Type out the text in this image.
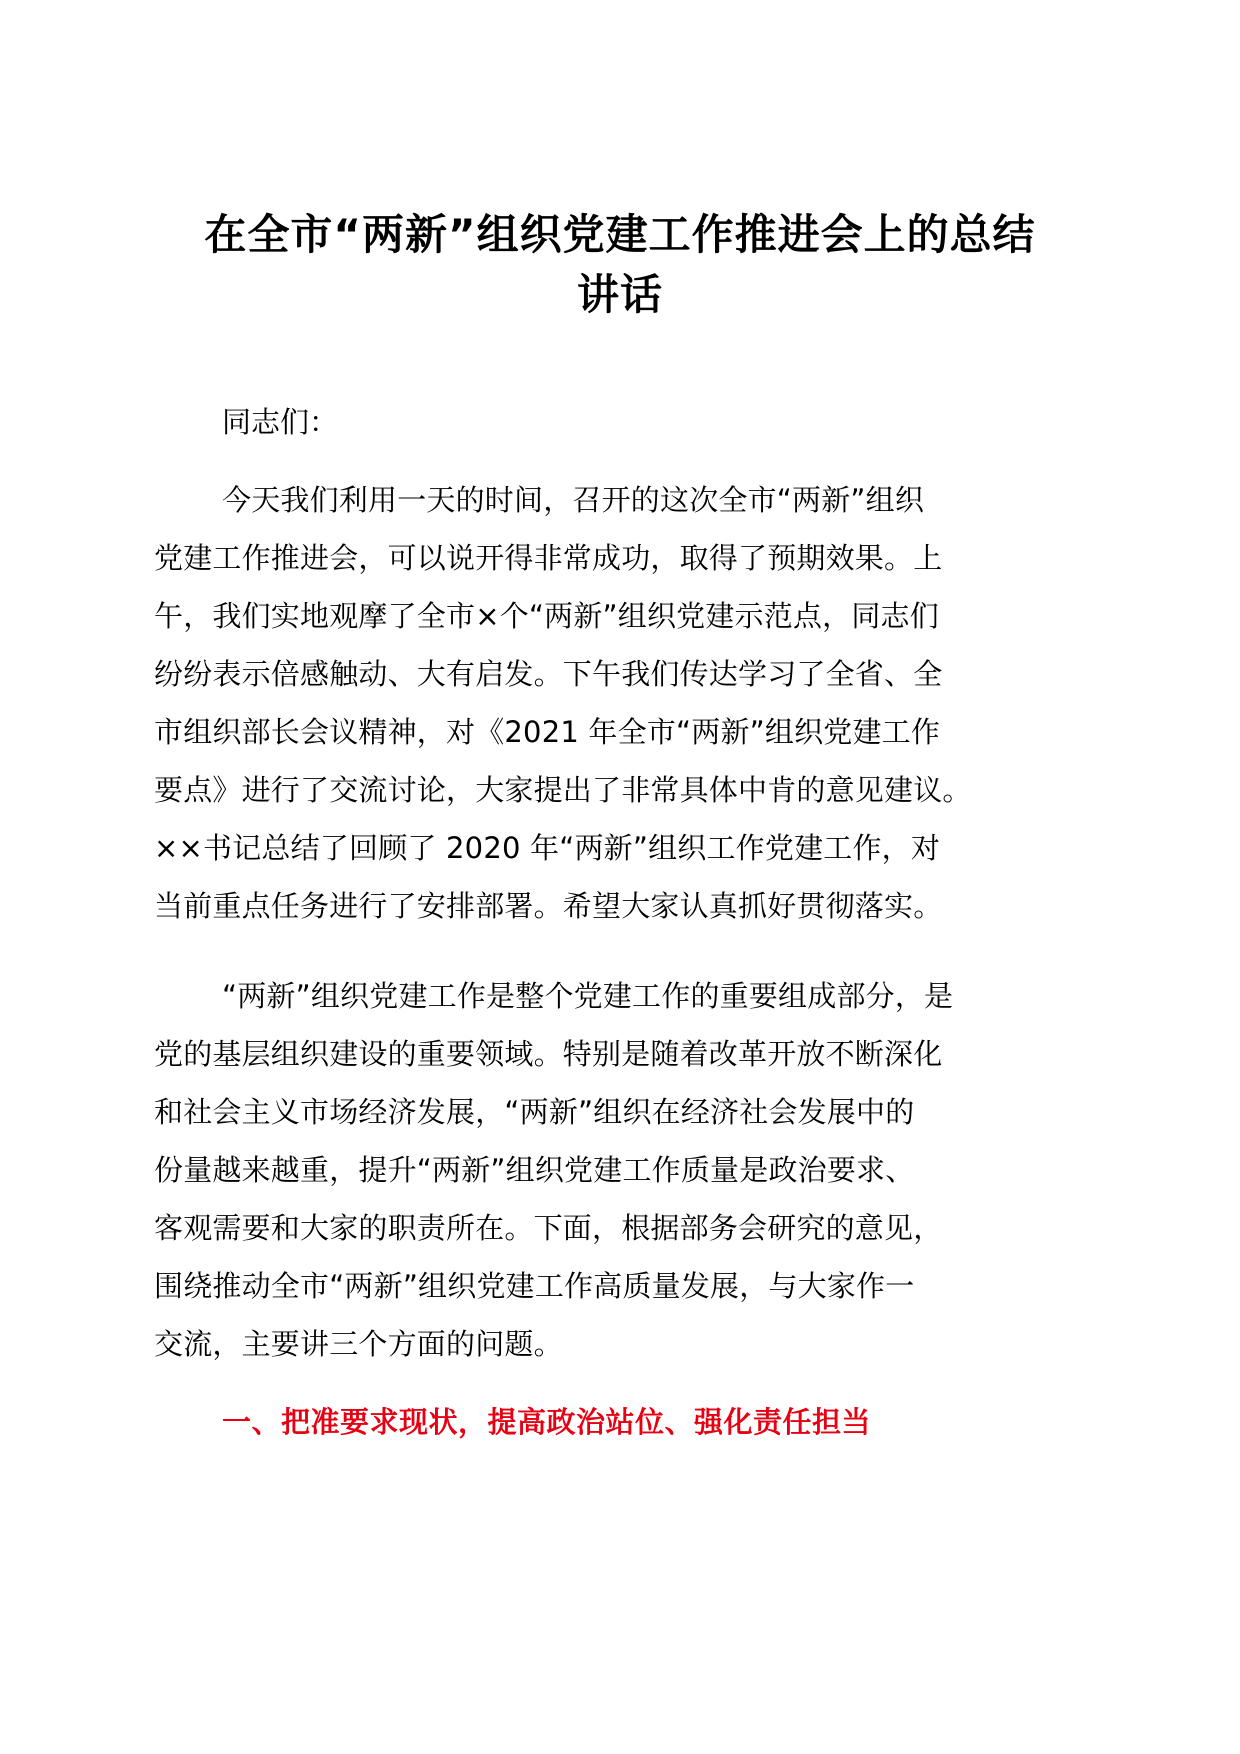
在全市“两新”组织党建工作推进会上的总结
讲话

同志们：

今天我们利用一天的时间，召开的这次全市“两新”组织
党建工作推进会，可以说开得非常成功，取得了预期效果。上
午，我们实地观摩了全市×个“两新”组织党建示范点，同志们
纷纷表示倍感触动、大有启发。下午我们传达学习了全省、全
市组织部长会议精神，对《2021 年全市“两新”组织党建工作
要点》进行了交流讨论，大家提出了非常具体中肯的意见建议。
××书记总结了回顾了 2020 年“两新”组织工作党建工作，对
当前重点任务进行了安排部署。希望大家认真抓好贯彻落实。
“两新”组织党建工作是整个党建工作的重要组成部分，是
党的基层组织建设的重要领域。特别是随着改革开放不断深化
和社会主义市场经济发展，“两新”组织在经济社会发展中的
份量越来越重，提升“两新”组织党建工作质量是政治要求、
客观需要和大家的职责所在。下面，根据部务会研究的意见，
围绕推动全市“两新”组织党建工作高质量发展，与大家作一
交流，主要讲三个方面的问题。
一、把准要求现状，提高政治站位、强化责任担当
